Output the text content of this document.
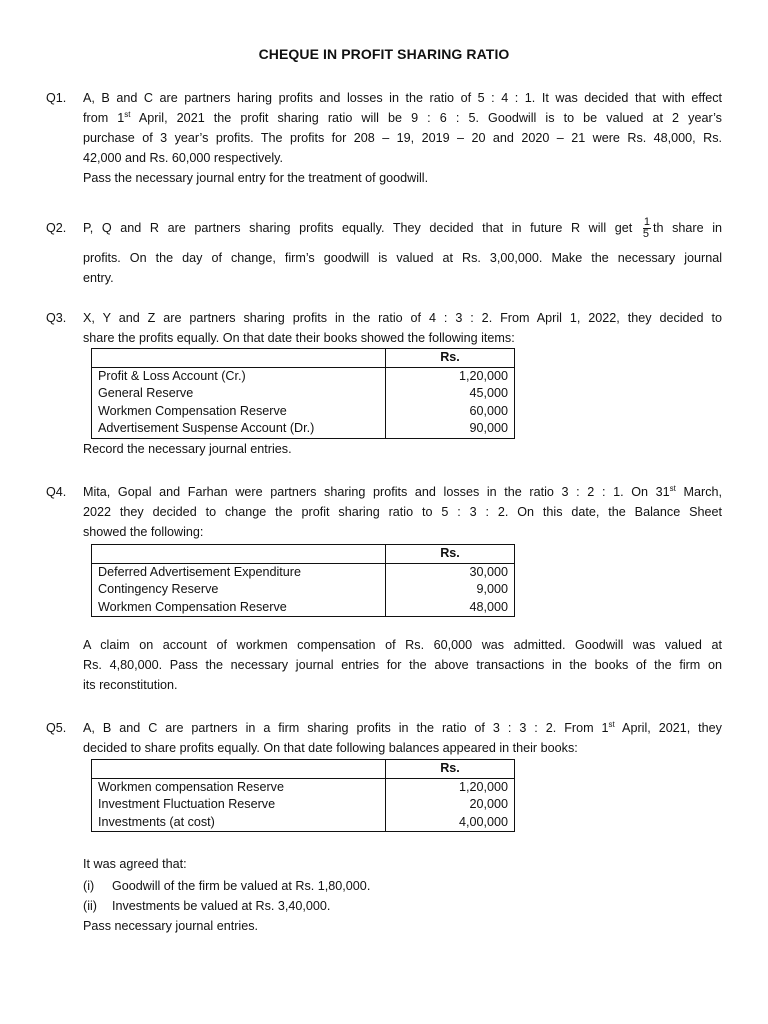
CHEQUE IN PROFIT SHARING RATIO
Q1.	A, B and C are partners haring profits and losses in the ratio of 5 : 4 : 1. It was decided that with effect
from 1st April, 2021 the profit sharing ratio will be 9 : 6 : 5. Goodwill is to be valued at 2 year’s
purchase of 3 year’s profits. The profits for 208 – 19, 2019 – 20 and 2020 – 21 were Rs. 48,000, Rs.
42,000 and Rs. 60,000 respectively.
Pass the necessary journal entry for the treatment of goodwill.
Q2.	P, Q and R are partners sharing profits equally. They decided that in future R will get $\frac{1}{5}$ th share in
profits. On the day of change, firm’s goodwill is valued at Rs. 3,00,000. Make the necessary journal
entry.
Q3.	X, Y and Z are partners sharing profits in the ratio of 4 : 3 : 2. From April 1, 2022, they decided to
share the profits equally. On that date their books showed the following items:
	Rs.
Profit & Loss Account (Cr.)	1,20,000
General Reserve	45,000
Workmen Compensation Reserve	60,000
Advertisement Suspense Account (Dr.)	90,000
Record the necessary journal entries.
Q4.	Mita, Gopal and Farhan were partners sharing profits and losses in the ratio 3 : 2 : 1. On 31st March,
2022 they decided to change the profit sharing ratio to 5 : 3 : 2. On this date, the Balance Sheet
showed the following:
	Rs.
Deferred Advertisement Expenditure	30,000
Contingency Reserve	9,000
Workmen Compensation Reserve	48,000
A claim on account of workmen compensation of Rs. 60,000 was admitted. Goodwill was valued at
Rs. 4,80,000. Pass the necessary journal entries for the above transactions in the books of the firm on
its reconstitution.
Q5.	A, B and C are partners in a firm sharing profits in the ratio of 3 : 3 : 2. From 1st April, 2021, they
decided to share profits equally. On that date following balances appeared in their books:
	Rs.
Workmen compensation Reserve	1,20,000
Investment Fluctuation Reserve	20,000
Investments (at cost)	4,00,000
It was agreed that:
(i) Goodwill of the firm be valued at Rs. 1,80,000.
(ii) Investments be valued at Rs. 3,40,000.
Pass necessary journal entries.
